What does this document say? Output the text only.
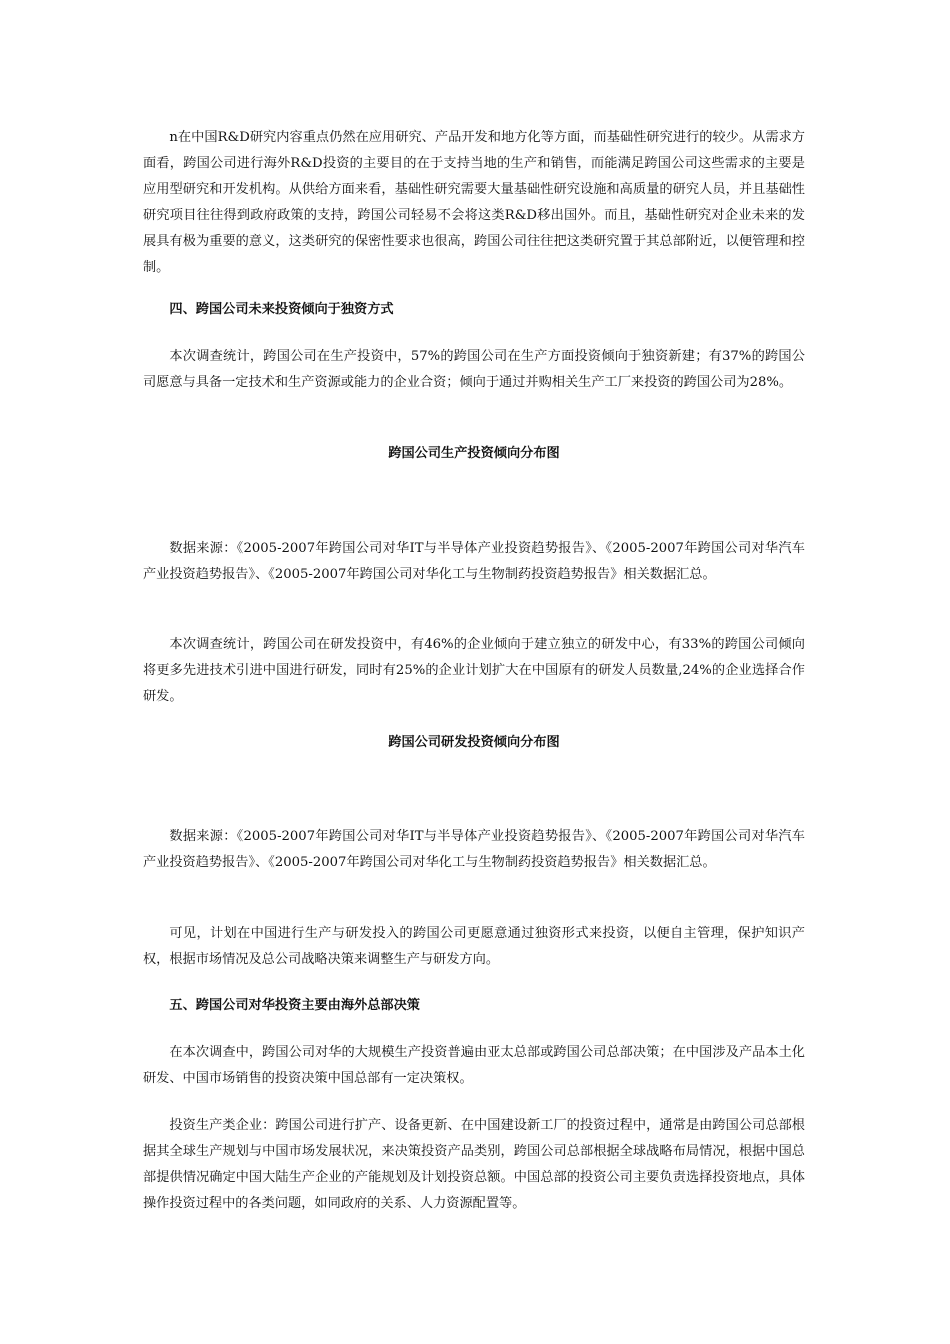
n在中国R&D研究内容重点仍然在应用研究、产品开发和地方化等方面，而基础性研究进行的较少。从需求方面看，跨国公司进行海外R&D投资的主要目的在于支持当地的生产和销售，而能满足跨国公司这些需求的主要是应用型研究和开发机构。从供给方面来看，基础性研究需要大量基础性研究设施和高质量的研究人员，并且基础性研究项目往往得到政府政策的支持，跨国公司轻易不会将这类R&D移出国外。而且，基础性研究对企业未来的发展具有极为重要的意义，这类研究的保密性要求也很高，跨国公司往往把这类研究置于其总部附近，以便管理和控制。

四、跨国公司未来投资倾向于独资方式

本次调查统计，跨国公司在生产投资中，57%的跨国公司在生产方面投资倾向于独资新建；有37%的跨国公司愿意与具备一定技术和生产资源或能力的企业合资；倾向于通过并购相关生产工厂来投资的跨国公司为28%。

跨国公司生产投资倾向分布图

数据来源：《2005-2007年跨国公司对华IT与半导体产业投资趋势报告》、《2005-2007年跨国公司对华汽车产业投资趋势报告》、《2005-2007年跨国公司对华化工与生物制药投资趋势报告》相关数据汇总。

本次调查统计，跨国公司在研发投资中，有46%的企业倾向于建立独立的研发中心，有33%的跨国公司倾向将更多先进技术引进中国进行研发，同时有25%的企业计划扩大在中国原有的研发人员数量,24%的企业选择合作研发。

跨国公司研发投资倾向分布图

数据来源：《2005-2007年跨国公司对华IT与半导体产业投资趋势报告》、《2005-2007年跨国公司对华汽车产业投资趋势报告》、《2005-2007年跨国公司对华化工与生物制药投资趋势报告》相关数据汇总。

可见，计划在中国进行生产与研发投入的跨国公司更愿意通过独资形式来投资，以便自主管理，保护知识产权，根据市场情况及总公司战略决策来调整生产与研发方向。

五、跨国公司对华投资主要由海外总部决策

在本次调查中，跨国公司对华的大规模生产投资普遍由亚太总部或跨国公司总部决策；在中国涉及产品本土化研发、中国市场销售的投资决策中国总部有一定决策权。

投资生产类企业：跨国公司进行扩产、设备更新、在中国建设新工厂的投资过程中，通常是由跨国公司总部根据其全球生产规划与中国市场发展状况，来决策投资产品类别，跨国公司总部根据全球战略布局情况，根据中国总部提供情况确定中国大陆生产企业的产能规划及计划投资总额。中国总部的投资公司主要负责选择投资地点，具体操作投资过程中的各类问题，如同政府的关系、人力资源配置等。
